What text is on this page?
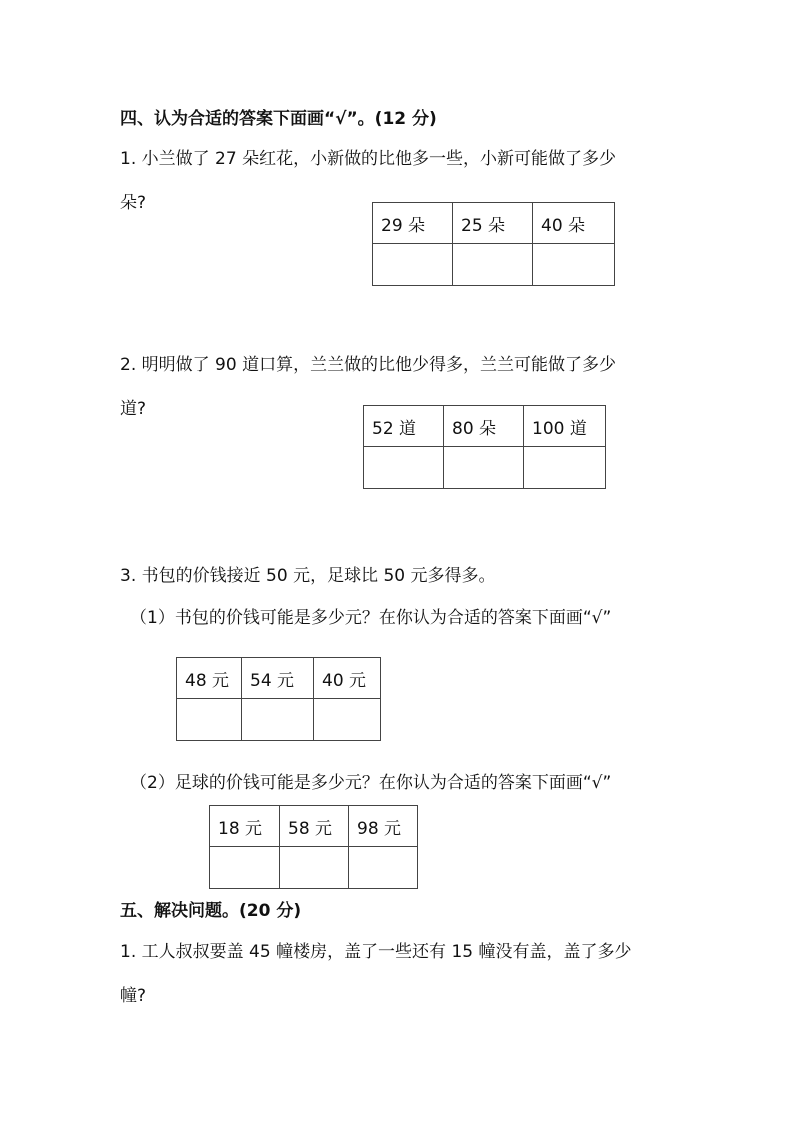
四、认为合适的答案下面画“√”。(12 分)
1. 小兰做了 27 朵红花，小新做的比他多一些，小新可能做了多少
朵?
29 朵	25 朵	40 朵

2. 明明做了 90 道口算，兰兰做的比他少得多，兰兰可能做了多少
道?
52 道	80 朵	100 道

3. 书包的价钱接近 50 元，足球比 50 元多得多。
（1）书包的价钱可能是多少元？在你认为合适的答案下面画“√”
48 元	54 元	40 元

（2）足球的价钱可能是多少元？在你认为合适的答案下面画“√”
18 元	58 元	98 元

五、解决问题。(20 分)
1. 工人叔叔要盖 45 幢楼房，盖了一些还有 15 幢没有盖，盖了多少
幢?
